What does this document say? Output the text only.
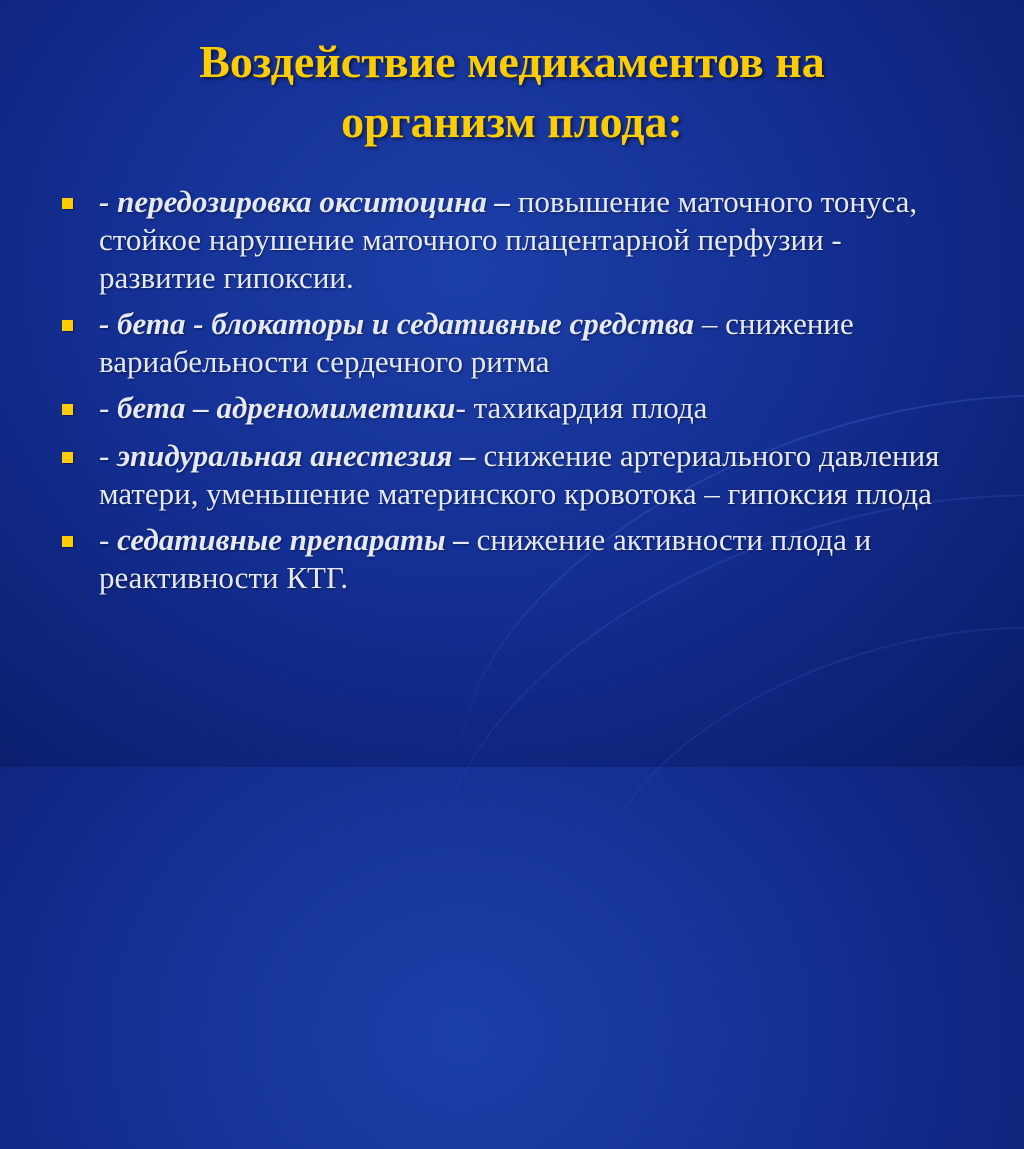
Воздействие медикаментов на
организм плода:
- передозировка окситоцина – повышение маточного тонуса, стойкое нарушение маточного плацентарной перфузии - развитие гипоксии.
- бета - блокаторы и седативные средства – снижение вариабельности сердечного ритма
- бета – адреномиметики- тахикардия плода
- эпидуральная анестезия – снижение артериального давления матери, уменьшение материнского кровотока – гипоксия плода
- седативные препараты – снижение активности плода и реактивности КТГ.
